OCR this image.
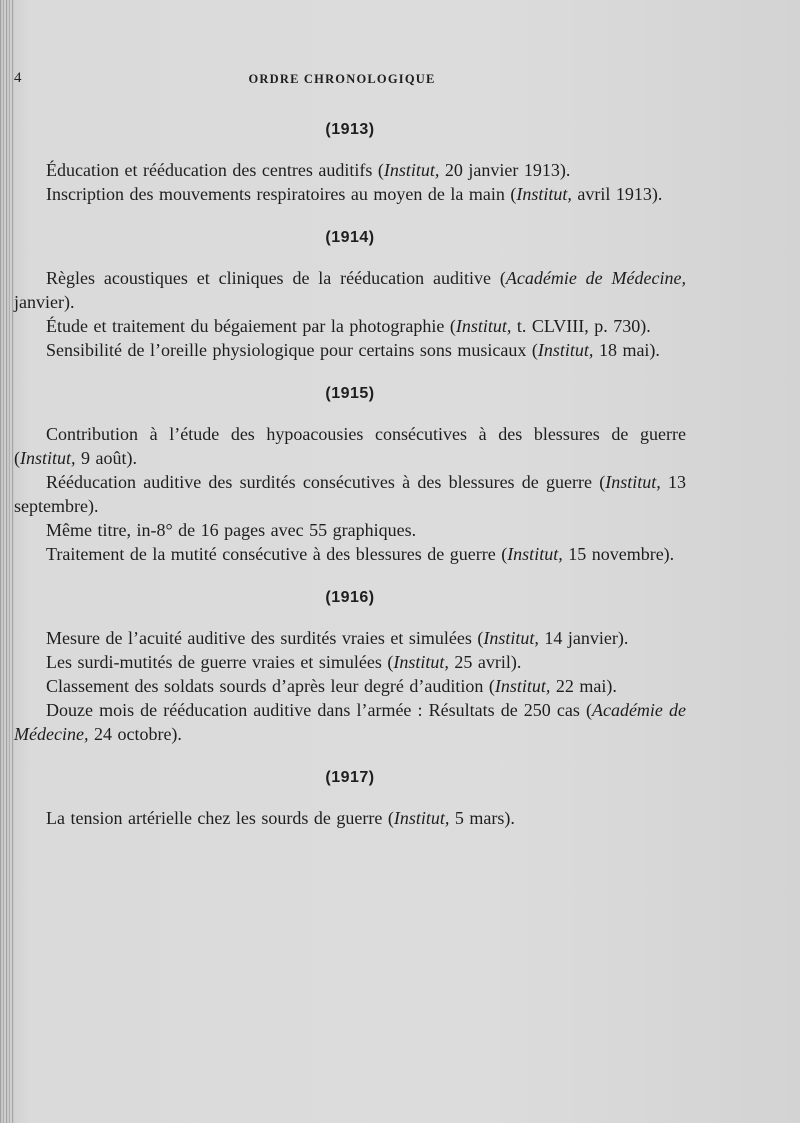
4	ORDRE CHRONOLOGIQUE
(1913)

Éducation et rééducation des centres auditifs (Institut, 20 janvier 1913).

Inscription des mouvements respiratoires au moyen de la main (Institut, avril 1913).

(1914)

Règles acoustiques et cliniques de la rééducation auditive (Académie de Médecine, janvier).

Étude et traitement du bégaiement par la photographie (Institut, t. CLVIII, p. 730).

Sensibilité de l’oreille physiologique pour certains sons musicaux (Institut, 18 mai).

(1915)

Contribution à l’étude des hypoacousies consécutives à des blessures de guerre (Institut, 9 août).

Rééducation auditive des surdités consécutives à des blessures de guerre (Institut, 13 septembre).

Même titre, in-8° de 16 pages avec 55 graphiques.

Traitement de la mutité consécutive à des blessures de guerre (Institut, 15 novembre).

(1916)

Mesure de l’acuité auditive des surdités vraies et simulées (Institut, 14 janvier).

Les surdi-mutités de guerre vraies et simulées (Institut, 25 avril).

Classement des soldats sourds d’après leur degré d’audition (Institut, 22 mai).

Douze mois de rééducation auditive dans l’armée : Résultats de 250 cas (Académie de Médecine, 24 octobre).

(1917)

La tension artérielle chez les sourds de guerre (Institut, 5 mars).
